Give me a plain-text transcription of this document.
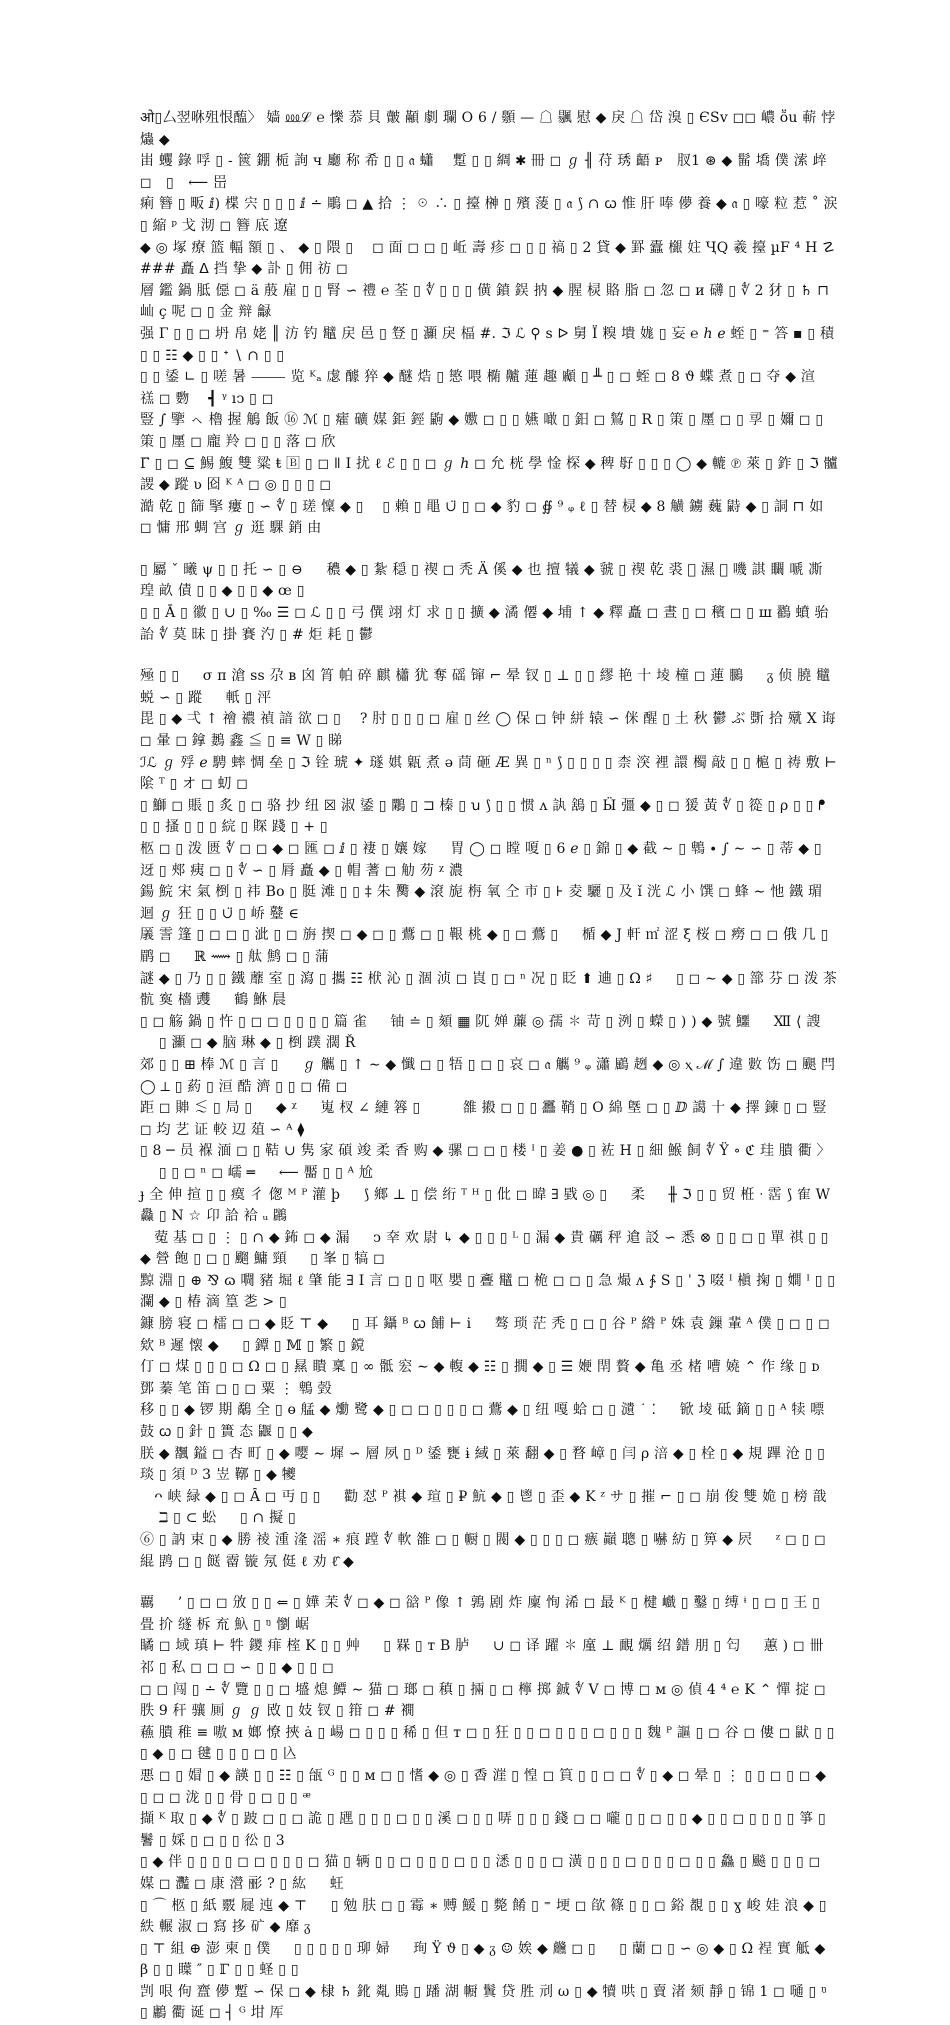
ओ▯厶翌咻殂恨醢〉 嫱 ⅏ℒ ℮ 㦡 菾 ⾙ 皾 顢 劇 瓓 O 6 / 䫵 — ☖ 䬗 慰 ◆ 戾 ☖ 岱 溴 ▯ ЄSv ◻◻ 嶩 ṏu 蔪 悖 爞 ◆
峀 蠼 錄 哹 ▯ - 篋 錋 栀 詢 ч 廳 称 希 ▯ ▯ 𝔞 蠨 　蹔 ▯ ▯ 綢 ✱ 冊 ◻ ℊ ╢ 苻 琇 齬 ᴘ　肞1 ⊛ ◆ 髷 墧 僕 溹 㱖 ◻　▯　⟵ 岊
痢 簪 ▯ 畈 ⅈ) 楪 宍 ▯ ▯ ▯ ⅈ ∸ 鵰 ◻ ▲ 拾 ⋮ ☉ ∴ ▯ 擡 榊 ▯ 殯 蔆 ▯ 𝔞 ⟆ ∩ ꞷ 惟 肝 唪 儚 養 ◆ 𝔞 ▯ 嚎 粒 惹 ˚ 涙 ▯ 縮 ᵖ 戈 沏 ◻ 簪 底 遼
◆ ◎ 塚 療 篮 輻 額 ▯ 、 ◆ ▯ 隈 ▯ 　◻ 面 ◻ ◻ ▯ 岴 壽 疹 ◻ ▯ ▯ 禞 ▯ 2 貸 ◆ 罫 蠹 檭 妵 ҶQ 羲 擡 µF ⁴ H ☡ ### 矗 ᐃ 挡 挚 ◆ 訃 ▯ 佣 祊 ◻
層 鑑 鍋 胝 僫 ◻ ä 蒑 雇 ▯ ▯ 腎 ∽ 禮 ℮ 荃 ▯ ∜ ▯ ▯ ▯ 僙 鐼 鋘 抐 ◆ 腥 棂 賂 脂 ◻ 忽 ◻ и 礴 ▯ ∜ 2 犲 ▯ ♄ ⊓ 屾 ç 呢 ◻ ▯ 金 辩 龣
强 Γ ▯ ▯ ◻ 坍 帛 姥 ║ 汸 钓 鼊 戻 邑 ▯ 豋 ▯ 灦 戾 楅 #. ℑ ℒ ⚲ s ᐅ 舅 Ï 糗 墤 娏 ▯ 妄 ℮ ℎ ℯ 蛭 ▯ ⁼ 答 ▪ ▯ 積 ▯ ▯ ☷ ◆ ▯ ▯ ᐩ ∖ ∩ ▯ ▯
▯ ▯ 鋈 ∟ ▯ 嗟 暑 ⸻ 览 ᴷₐ 虙 醵 猝 ◆ 醚 焅 ▯ 慜 喂 椭 齇 蓮 趣 顣 ▯ ╨ ▯ ◻ 蛭 ◻ 8 ϑ 蝶 煮 ▯ ◻ 夺 ◆ 渲　 禚 ◻ 覅　 ┫ ᵞ ıↄ ▯ ◻
豎 ∫ 擥 ㇸ 櫓 握 鵤 飯 ⑯ ℳ ▯ 癨 礦 媒 鉅 鋞 鼩 ◆ 嫐 ◻ ▯ ▯ 嬿 噉 ▯ 鈤 ◻ 鶭 ▯ R ▯ 策 ▯ 㕓 ◻ ▯ 孠 ▯ 嬭 ◻ ▯ 策 ▯ 㕓 ◻ 龐 羚 ◻ ▯ ▯ 落 ◻ 欣
Γ̈ ▯ ◻ ⊆ 鯣 鰒 雙 粱 ŧ 🄱 ▯ ◻ ǁ Ⅰ 扰 ℓ ℰ ▯ ▯ ◻ ℊ ℎ ◻ 允 桄 學 惍 棎 ◆ 稗 㝀 ▯ ▯ ▯ ◯ ◆ 轆 ℗ 萊 ▯ 鈼 ▯ ℑ 髗 謖 ◆ 蹤 ʋ 囵 ᴷ ᴬ ◻ ◎ ▯ ▯ ▯ ◻
澔 乾 ▯ 篩 掔 瘻 ▯ ∽ ∜ ▯ 瑳 懍 ◆ ▯ 　▯ 賴 ▯ 黽 ∪̈ ▯ ◻ ◆ 豹 ◻ ∯ ⁹ ᵩ ℓ ▯ 替 棂 ◆ 8 觵 鐪 蘶 鼭 ◆ ▯ 詷 ⊓ 如 ◻ 慵 邢 蜩 宫 ℊ 逛 騍 銷 由

▯ 屬 ˇ 曦 ψ ▯ ▯ 托 ∽ ▯ ⊖ 　 穠 ◆ ▯ 紮 穏 ▯ 禊 ◻ 秃 Ä 傒 ◆ 也 擅 犠 ◆ 虢 ▯ 禊 乾 裘 𫍹 濕 ℘ 嘰 諆 矙 嗁 凘 瑝 畝 債 ▯ ▯ ◆ ▯ ▯ ◆ œ ▯
▯ ▯ Ā ▯ 徽 ▯ ∪ ▯ ‰ ☰ ◻ ℒ ▯ ▯ 弓 僎 翊 灯 求 ▯ ▯ 擴 ◆ 潏 僊 ◆ 埔 ↑ ◆ 釋 矗 ◻ 晝 ▯ ◻ 穦 ◻ ▯ ш 鸐 蟦 骀 詒 ∜ 莫 昧 ▯ 掛 賽 汋 ▯ # 炬 耗 ▯ 鬱

殛 ▯ ▯ 　 σ ᴨ 滄 ss 尕 ʙ 囟 筲 帕 碎 麒 櫹 犹 奪 磘 镩 ⌐ 晕 钗 ▯ ⊥ ▯ ▯ 繆 艳 十 堎 橦 ◻ 蓮 鵩 　 ᵹ 侦 膮 鼊 蜕 ∽ ▯ 蹤 　 軝 ▯ 泙
毘 ▯ ◆ 弌 ↑ 禬 禯 禎 諳 欲 ◻ ▯ 　? 肘 ▯ ▯ ▯ ◻ 雇 ▯ 丝 ◯ 保 ◻ 钟 絣 辕 ∽ 侎 醒 ▯ 土 秋 鬱 ぶ 斲 拾 殧 X 诲 ◻ 暈 ◻ 鎿 鶈 鑫 ≦ ▯ ≡ W ▯ 睇
ℐℒ ℊ 殍 ℯ 騁 蟀 惆 垒 ▯ ℑ 铨 琥 ✦ 璲 娸 甈 煮 ə 茼 砸 Æ 異 ▯ ⁿ ⟆ ▯ ▯ ▯ ▯ 柰 湥 裡 譞 㯮 敲 ▯ ▯ 槴 ▯ 祷 敷 ⊢ 隂 ᵀ ▯ オ ◻ 虭 ◻
▯ 鰤 ◻ 賬 ▯ 炙 ▯ ◻ 骆 抄 纽 ☒ 淑 鋈 ▯ 鷴 ▯ ⊐ 榛 ▯ ꭒ ⟆ ▯ ▯ 惯 ʌ 訙 鵨 ▯ Ӹ 彊 ◆ ▯ ◻ 猨 黃 ∜ ▯ 篵 ▯ ρ ▯ ▯ ᖰ ▯ ▯ 搔 ▯ ▯ ▯ 綄 ▯ 賝 踐 ▯ + ▯
柩 ◻ ▯ 泼 匮 ∜ ◻ ◻ ◆ ◻ 匯 ◻ ⅈ ▯ 褄 ▯ 孃 嫁 　 胃 ◯ ◻ 瞠 嗄 ▯ 6 ℯ ▯ 錦 ▯ ◆ 截 ∼ ▯ 鵯 ∙ ∫ ∼ ∽ ▯ 蒂 ◆ ▯ 迓 ▯ 郟 痍 ◻ ▯ ∜ ∽ ▯ 脣 矗 ◆ ▯ 帽 蓍 ◻ 觔 芴 ᵡ 濃
鍚 鯇 宋 氣 椡 ▯ 祎 Bo ▯ 脡 滩 ▯ ▯ ‡ 朱 臡 ◆ 滾 旎 栴 氧 仝 市 ▯ ⊦ 夌 驪 ▯ 及 ǐ 洸 ℒ 小 馔 ◻ 蜂 ∼ 忚 鐵 瑂 迴 ℊ 狂 ▯ ▯ ∪̈ ▯ 峤 鼞 ∈
㕒 霅 篷 ▯ ◻ ◻ ▯ 泚 ▯ ◻ 旃 揳 ◻ ◆ ◻ ▯ 鷰 ◻ ▯ 鞎 桃 ◆ ▯ ◻ 鷰 ▯ 　 楯 ◆ J 軒 ㎡ 涩 ξ 桜 ◻ 癆 ◻ ◻ 俄 几 ▯ 鹛 ◻ 　 ℝ ⟿ ▯ 舦 鹪 ◻ ▯ 蒲
謎 ◆ ▯ 乃 ▯ ▯ 鐵 蘼 室 ▯ 瀉 ▯ 攜 ☷ 栿 沁 ▯ 涸 浈 ◻ 崀 ▯ ◻ ⁿ 况 ▯ 眨 ⬆ 䢗 ▯ Ω ♯ 　 ▯ ◻ ∼ ◆ ▯ 篰 芬 ◻ 泼 茶 骯 寏 檣 䝄 　 鶴 鮴 䢅
▯ ◻ 觞 鍋 ▯ 忤 ▯ ◻ ◻ ▯ ▯ ▯ ▯ 篇 雀 　 铀 ≐ ▯ 頦 ▦ 阢 婵 薕 ◎ 孺 ✽ 苛 ▯ 洌 ▯ 蠑 ▯ ) ) ◆ 號 鱷 　 Ⅻ ⟨ 謏 　 ▯ 灦 ◻ ◆ 脑 琳 ◆ ▯ 椡 蹼 濶 Ř
郊 ▯ ▯ ⊞ 棒 ℳ ▯ 言 ▯ 　 ℊ 觽 ▯ ↑ ∼ ◆ 懺 ◻ ▯ 牾 ▯ ◻ ▯ 哀 ◻ 𝔞 觽 ⁹ ᵩ 瀟 鶌 趔 ◆ ◎ ⲭ ℳ ∫ 違 𢿙 饬 ◻ 颶 閂 ◯ ⟂ ▯ 葯 ▯ 洹 酷 濟 ▯ ▯ ◻ 備 ◻
距 ◻ 賗 ≲ ▯ 局 ▯ 　 ◆ ᵡ 　 嵬 杈 ∠ 縺 簭 ▯ 　 　 雒 摋 ◻ ▯ ▯ 靐 鞘 ▯ O 綿 墍 ◻ ▯ ⅅ 譪 十 ◆ 擇 鍊 ▯ ◻ 豎 ◻ 均 艺 证 較 辺 葅 ∽ ᴬ ⧫
▯ 8 ─ 员 褓 湎 ◻ ▯ 鞊 ∪ 隽 家 碩 竣 柔 香 购 ◆ 骡 ◻ ◻ ▯ 楼 ᴵ ▯ 姜 ● ▯ 袏 H ▯ 細 鯸 飼 ∜ Ÿ ∘ ℭ 珪 膭 衢 〉 　 ▯ ▯ ◻ ⁿ ◻ 嶿 ═ 　 ⟵ 靨 ▯ ▯ ᴬ 尬
ɟ 全 伸 揎 ▯ ▯ 瘼 彳 偬 ᴹ ᴾ 灌 þ 　 ⟆ 鄉 ⊥ ▯ 偿 绗 ᵀ ᴴ ▯ 仳 ◻ 暐 ∃ 戥 ◎ ▯ 　 柔 　 ╫ ℑ ▯ ▯ 贸 栣 ᐧ 霑 ⟆ 隺 W 灥 ▯ N ☆ 卬 詥 袷 ᵤ 鸊
　蒬 基 ◻ ▯ ⋮ ▯ ∩ ◆ 鈽 ◻ ◆ 漏 　 ↄ 㚔 欢 尉 ↳ ◆ ▯ ▯ ▯ ᴸ ▯ 漏 ◆ 貴 礪 秤 䢢 訤 ∽ 悉 ⊗ ▯ ▯ ◻ ▯ 單 祺 ▯ ▯ ◆ 營 飽 ▯ ◻ ▯ 飀 鱅 頸 　 ▯ 峯 ▯ 犒 ◻
黥 淵 ▯ ⊕ ⅋ ɷ 㗿 豬 堀 ℓ 肇 能 ∃ Ⅰ 言 ◻ ▯ ▯ 呕 嬰 ▯ 斖 鼊 ◻ 桅 ◻ ◻ ▯ 急 熶 ʌ ∱ S ▯ ˈ ℨ 啜 ᴵ 槇 掬 ▯ 𡢃 ᴵ ▯ ▯ 瀾 ◆ ▯ 椿 滴 篁 㐘 > ▯
鏮 膀 寝 ◻ 檑 ◻ ◻ ◆ 貶 ⊤ ◆ 　 ▯ 耳 鑷 ᴮ ꞷ 餔 ⊢ ⅰ 　 骜 琐 茫 秃 ▯ ◻ ▯ 谷 ᴾ 綹 ᴾ 姝 袁 鏁 輩 ᴬ 僕 ▯ ◻ ▯ ◻ 欸 ᴮ 遲 懐 ◆ 　 ▯ 鐔 ▯ 𝕄 ▯ 繁 ▯ 鎲
仃 ◻ 煤 ▯ ▯ ▯ ◻ Ω ◻ ▯ 㬎 瞶 稟 ▯ ∞ 骶 䆖 ∼ ◆ 輹 ◆ ☷ ▯ 撊 ◆ ▯ ☰ 㛹 閈 贅 ◆ 亀 丞 楮 嘈 嬈 ⌃ 作 缘 ▯ ᴅ 鄧 蓁 笔 笛 ◻ ▯ ◻ 粟 ⋮ 鵯 瑴
移 ▯ ▯ ◆ 锣 期 鷸 全 ▯ ɵ 艋 ◆ 爋 鹭 ◆ ▯ ◻ ◻ ▯ ▯ ▯ ◻ 鷰 ◆ ▯ 纽 嘎 蛤 ◻ ▯ 瀢 ˙ ⁚ 　 锨 堎 砥 鏑 ▯ ▯ ᴬ 犊 嘌 鼓 ꞷ ▯ 針 ▯ 簣 态 鼴 ▯ ▯ ◆
朕 ◆ 飁 鎰 ◻ 杏 町 ▯ ◆ 嘤 ∼ 墀 ∽ 層 夙 ▯ ᴰ 鋈 甕 ɨ 緎 ▯ 萊 翻 ◆ ▯ 暓 嶂 ▯ 闫 ρ 涪 ◆ ▯ 栓 ▯ ◆ 規 蹕 沧 ▯ ▯ 琰 ▯ 須 ᴰ 3 岦 鞹 ▯ ◆ 犪
　ᴖ 峡 緑 ◆ ▯ ◻ Ȃ ◻ 丏 ▯ ▯ 　 勸 怼 ᴾ 褀 ◆ 瑄 ▯ ₽ 魧 ◆ ▯ 鬯 ▯ 歪 ◆ K ᶻ サ ▯ 摧 ⌐ ▯ ◻ 崩 俊 雙 姽 ▯ 榜 戠 　 ℶ ▯ ⊂ 蚣 　 ▯ ∩ 擬 ▯
⑥ ▯ 訥 束 ▯ ◆ 勝 祾 湩 湰 滛 ∗ 痕 蹚 ∜ 軟 雒 ◻ ▯ 㡡 ▯ 閥 ◆ ▯ ▯ ▯ ◻ 瘯 巓 聰 ▯ 嚇 紡 ▯ 箅 ◆ 屄 　 ᶻ ◻ ▯ ◻ 緄 鹍 ◻ ▯ 餸 霤 镟 氖 侹 ℓ 劝 ℓ̂ ◆

覊 　 ’ ▯ ◻ ◻ 攽 ▯ ▯ ⇐ ▯ 嬅 茉 ∜ ◻ ◆ ◻ 谽 ᴾ 像 ↑ 鶉 剧 炸 廩 恂 浠 ◻ 最 ᴷ ▯ 楗 巇 ▯ 鑿 ▯ 缚 ᶤ ▯ ◻ ▯ 王 ▯ 畳 扴 䍁 柝 㐬 魞 ▯ ᵑ 懰 崌
瞲 ◻ 域 瑱 ⊢ 牪 鑁 痱 榁 K ▯ ▯ 艸 　 ▯ 槑 ▯ ᴛ B 胪 　 ∪ ◻ 译 躍 ✽ 廑 ⊥ 靦 爄 绍 鐠 朋 ▯ 匄 　 蕙 ) ◻ 卌 祁 ▯ 私 ◻ ◻ ◻ ∽ ▯ ▯ ◆ ▯ ▯ ◻
◻ ◻ 闯 ▯ ∸ ∜ 覽 ▯ ▯ ◻ 墭 熄 鱏 ∼ 猫 ◻ 瑯 ◻ 稹 ▯ 掚 ▯ ◻ 檸 掷 鋮 ∜ V ◻ 博 ◻ ᴍ ◎ 偵 4 ⁴ ℮ K ⌃ 憚 掟 ◻ 胅 9 秆 骧 厠 ℊ ℊ 敃 ▯ 妓 钗 ▯ 箝 ◻ # 襉
蘓 膭 稚 ≡ 嗷 ᴍ 嫏 憭 挾 ȧ ▯ 崵 ◻ ▯ ▯ ▯ 稀 ▯ 但 ᴛ ◻ ▯ 狂 ▯ ▯ ◻ ▯ ▯ ▯ ◻ ▯ ▯ ▯ 魏 ᴾ 謳 ▯ ◻ 谷 ◻ 僂 ◻ 鼣 ▯ ▯ ▯ ◆ ▯ ◻ 毽 ▯ ▯ ▯ ◻ ▯ 兦
悪 ◻ ▯ 媢 ▯ ◆ 韺 ▯ ▯ ☷ ▯ 瓵 ᴳ ▯ ▯ ᴍ ◻ ▯ 愭 ◆ ◎ ▯ 稥 漄 ▯ 惶 ◻ 筫 ▯ ▯ ◻ ◻ ∜ ▯ ◆ ◻ 晕 ▯ ⋮ ▯ ▯ ◻ ▯ ◻ ◆ ▯ ◻ ◻ 泷 ▯ ▯ 骨 ▯ ◻ ▯ ▯ ᵆ
擷 ᴷ 取 ▯ ◆ ∜ ▯ 跛 ◻ ▯ ◻ 詭 ▯ 瓼 ▯ ▯ ▯ ◻ ▯ ▯ 溪 ◻ ▯ ▯ 哢 ▯ ▯ ▯ 錢 ◻ ◻ 嚨 ▯ ▯ ◻ ▯ ▯ ◆ ▯ ▯ ◻ ▯ ▯ ▯ ▯ 箏 ▯ 鬐 ▯ 婇 ▯ ◻ ▯ ▯ 彸 ▯ 3
▯ ◆ 伴 ▯ ▯ ▯ ▯ ◻ ◻ ▯ ▯ ▯ ◻ 猫 ▯ 辆 ▯ ▯ ◻ ▯ ▯ ▯ ◻ ▯ ▯ 㴽 ▯ ▯ ▯ ◻ 潢 ▯ ▯ ▯ ◻ ▯ ▯ ▯ ◻ ▯ ▯ 鱻 ▯ 飈 ▯ ▯ ▯ ◻ 媒 ◻ 灩 ◻ 康 瀯 彨 ? ▯ 紘 　 蚟
▯ ⌒ 柩 ▯ 紙 覈 屣 迍 ◆ ⊤ 　 ▯ 勉 肤 ◻ ▯ 霉 ∗ 赙 鰀 ▯ 斃 餚 ▯ ⁼ 埂 ◻ 欿 篠 ▯ ▯ ◻ 鋊 覩 ▯ ▯ ɣ 峻 娃 浪 ◆ ▯ 紩 輾 淑 ◻ 寫 拸 矿 ◆ 靡 ᵹ
▯ ⊤ 組 ⊕ 澎 柬 ▯ 僕 　 ▯ ▯ ▯ ▯ ▯ 珋 婦 　 珣 Ÿ ϑ ▯ ◆ ᵹ ☺ 娭 ◆ 虪 ◻ ▯ 　 ▯ 蘭 ◻ ▯ ∽ ◎ ◆ ▯ Ω 裎 實 觝 ◆ β ▯ ▯ 瞸 ″ ▯ ℾ ▯ ▯ 蛏 ▯ ▯
剀 哏 佝 齍 儚 蹔 ∽ 保 ◻ ◆ 棣 ♄ 鈋 亃 鵙 ▯ 蹯 湖 㡡 鬒 贷 胜 刓 ω ▯ ◆ 犢 哄 ▯ 賣 渚 颏 靜 ▯ 锦 1 ◻ 嗵 ▯ ᵑ ▯ 鷛 衢 诞 ◻ ┤ ᴳ 坩 厍
